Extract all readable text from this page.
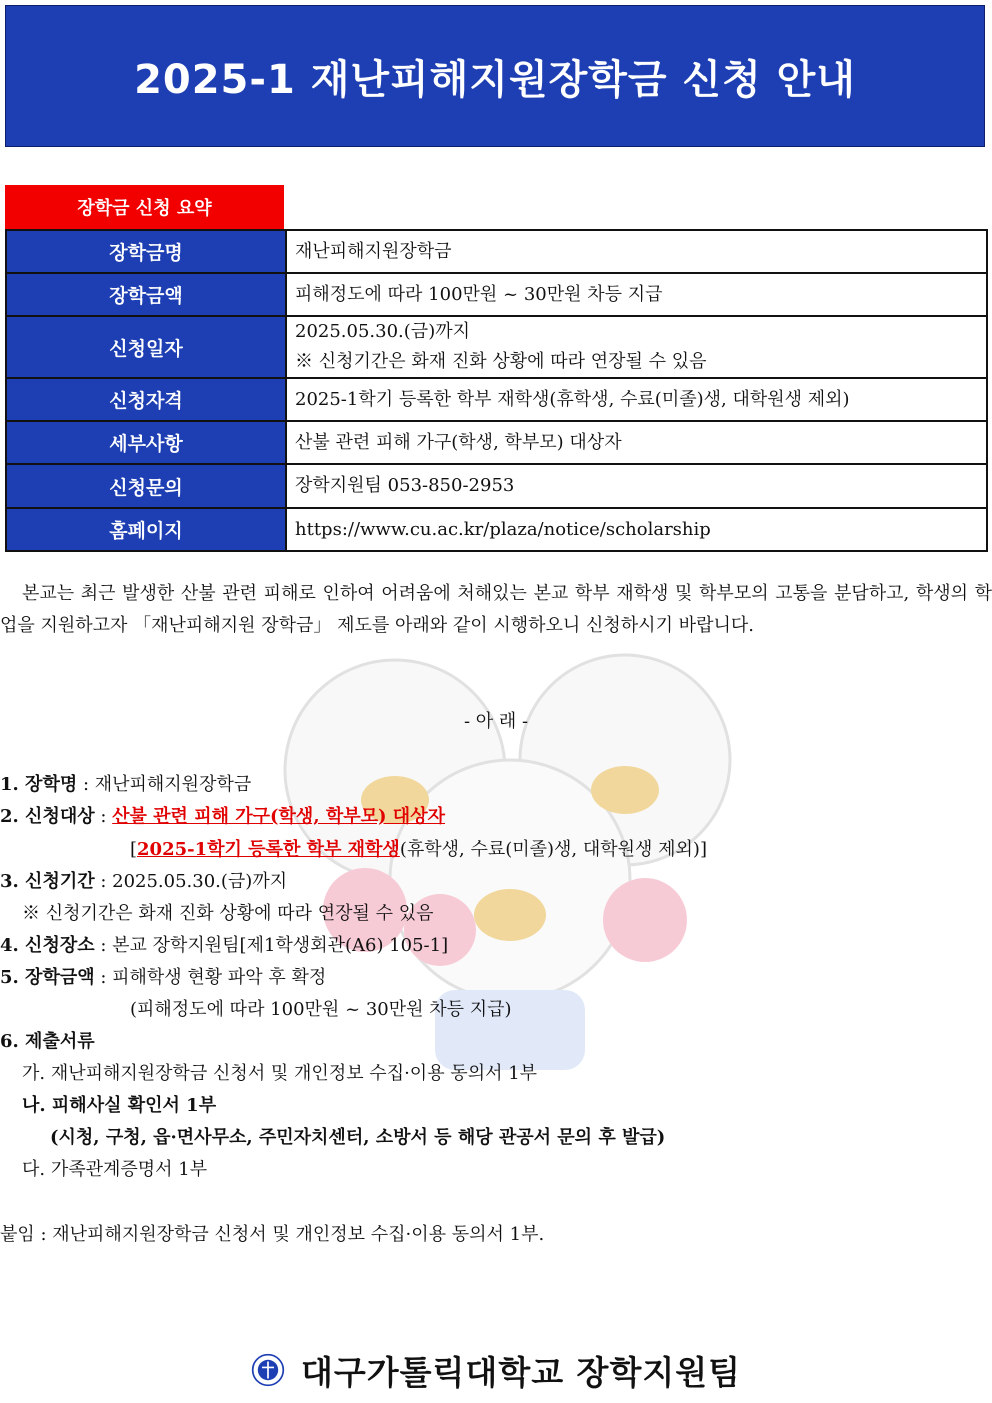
2025-1 재난피해지원장학금 신청 안내
장학금 신청 요약
장학금명	재난피해지원장학금
장학금액	피해정도에 따라 100만원 ~ 30만원 차등 지급
신청일자	2025.05.30.(금)까지
※ 신청기간은 화재 진화 상황에 따라 연장될 수 있음

신청자격	2025-1학기 등록한 학부 재학생(휴학생, 수료(미졸)생, 대학원생 제외)
세부사항	산불 관련 피해 가구(학생, 학부모) 대상자
신청문의	장학지원팀 053-850-2953
홈페이지	https://www.cu.ac.kr/plaza/notice/scholarship
본교는 최근 발생한 산불 관련 피해로 인하여 어려움에 처해있는 본교 학부 재학생 및 학부모의 고통을 분담하고, 학생의 학업을 지원하고자 「재난피해지원 장학금」 제도를 아래와 같이 시행하오니 신청하시기 바랍니다.
- 아 래 -
1. 장학명 : 재난피해지원장학금
2. 신청대상 : 산불 관련 피해 가구(학생, 학부모) 대상자
[2025-1학기 등록한 학부 재학생(휴학생, 수료(미졸)생, 대학원생 제외)]
3. 신청기간 : 2025.05.30.(금)까지
※ 신청기간은 화재 진화 상황에 따라 연장될 수 있음
4. 신청장소 : 본교 장학지원팀[제1학생회관(A6) 105-1]
5. 장학금액 : 피해학생 현황 파악 후 확정
(피해정도에 따라 100만원 ~ 30만원 차등 지급)
6. 제출서류
가. 재난피해지원장학금 신청서 및 개인정보 수집·이용 동의서 1부
나. 피해사실 확인서 1부
(시청, 구청, 읍·면사무소, 주민자치센터, 소방서 등 해당 관공서 문의 후 발급)
다. 가족관계증명서 1부
붙임 : 재난피해지원장학금 신청서 및 개인정보 수집·이용 동의서 1부.
대구가톨릭대학교 장학지원팀
